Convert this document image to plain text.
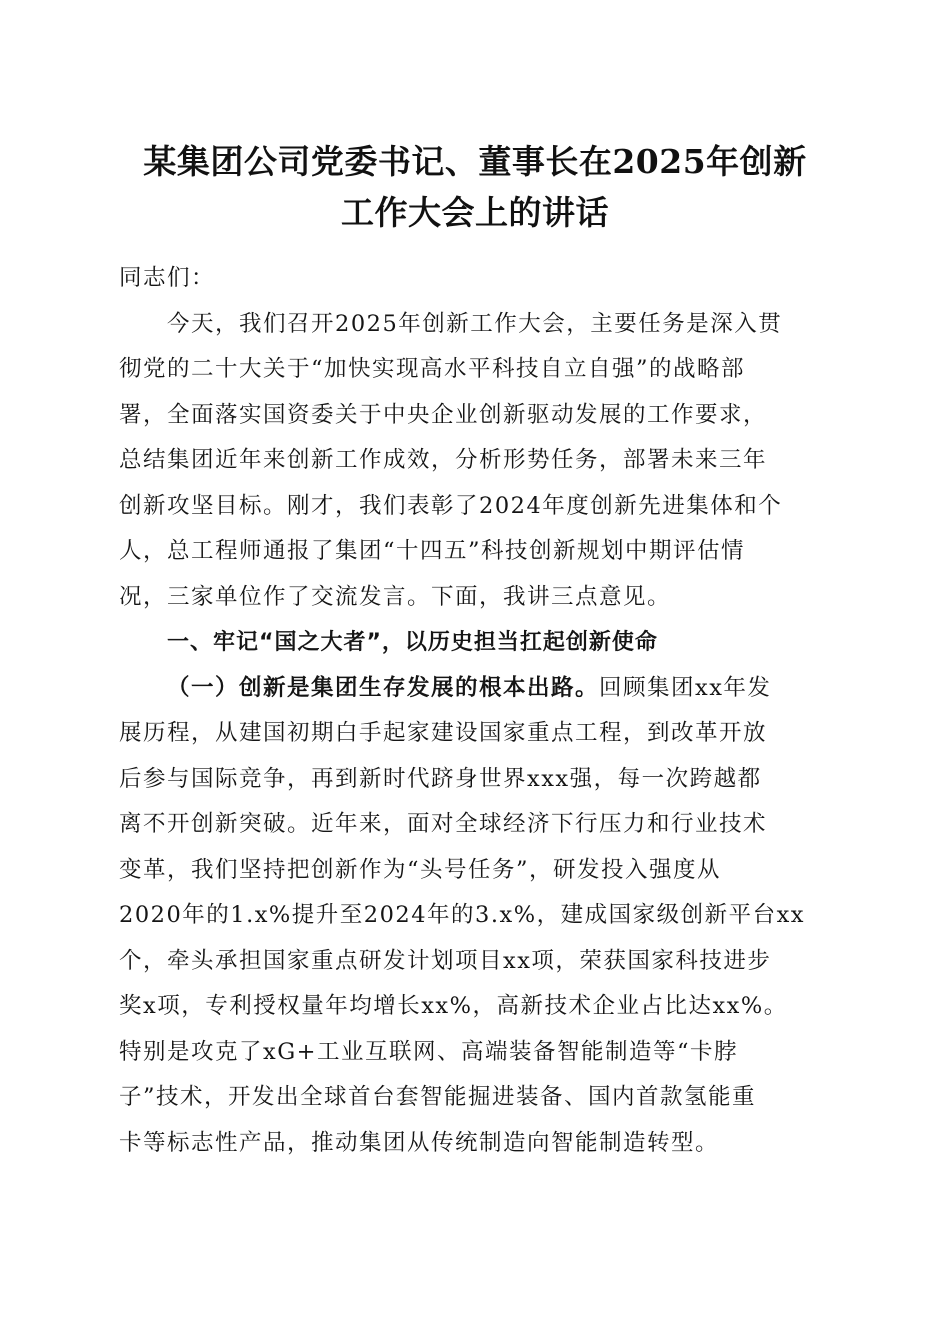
某集团公司党委书记、董事长在2025年创新
工作大会上的讲话
同志们：
今天，我们召开2025年创新工作大会，主要任务是深入贯
彻党的二十大关于“加快实现高水平科技自立自强”的战略部
署，全面落实国资委关于中央企业创新驱动发展的工作要求，
总结集团近年来创新工作成效，分析形势任务，部署未来三年
创新攻坚目标。刚才，我们表彰了2024年度创新先进集体和个
人，总工程师通报了集团“十四五”科技创新规划中期评估情
况，三家单位作了交流发言。下面，我讲三点意见。
一、牢记“国之大者”，以历史担当扛起创新使命
（一）创新是集团生存发展的根本出路。回顾集团xx年发
展历程，从建国初期白手起家建设国家重点工程，到改革开放
后参与国际竞争，再到新时代跻身世界xxx强，每一次跨越都
离不开创新突破。近年来，面对全球经济下行压力和行业技术
变革，我们坚持把创新作为“头号任务”，研发投入强度从
2020年的1.x%提升至2024年的3.x%，建成国家级创新平台xx
个，牵头承担国家重点研发计划项目xx项，荣获国家科技进步
奖x项，专利授权量年均增长xx%，高新技术企业占比达xx%。
特别是攻克了xG+工业互联网、高端装备智能制造等“卡脖
子”技术，开发出全球首台套智能掘进装备、国内首款氢能重
卡等标志性产品，推动集团从传统制造向智能制造转型。
